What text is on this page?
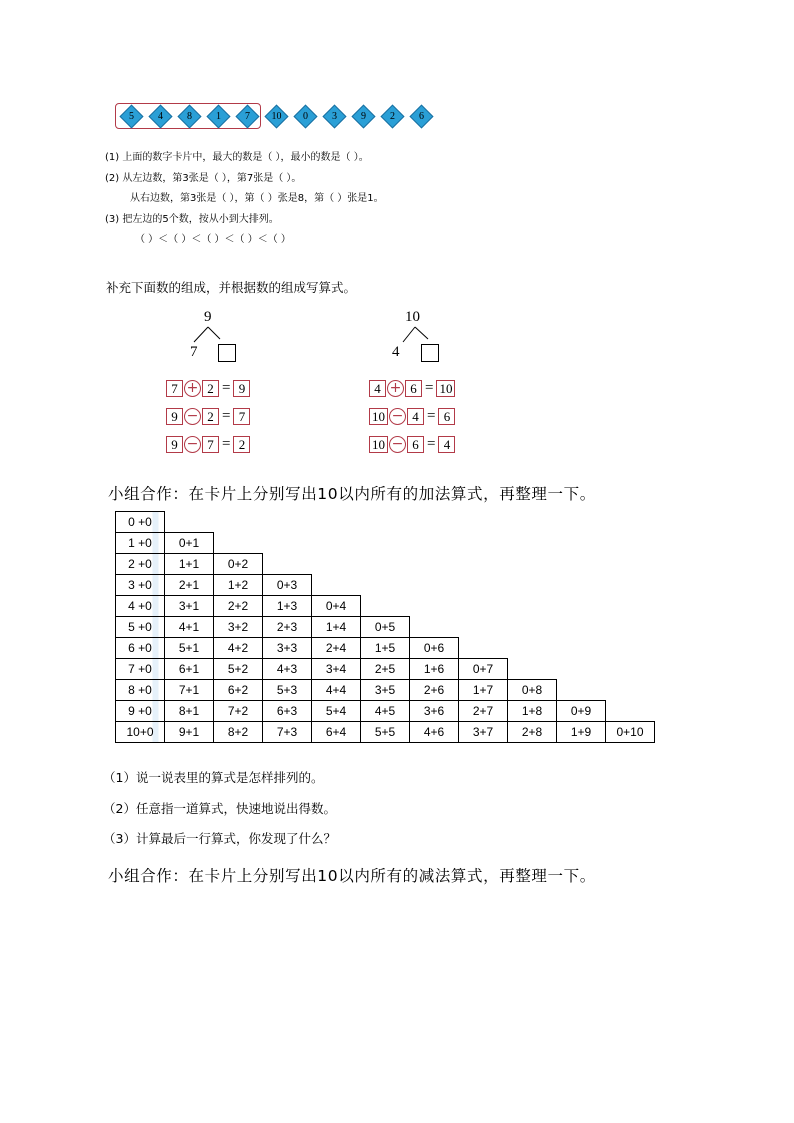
5	4	8	1	7	10	0	3	9	2	6
(1) 上面的数字卡片中，最大的数是（ ），最小的数是（ ）。
(2) 从左边数，第3张是（ ），第7张是（ ）。
从右边数，第3张是（ ），第（ ）张是8，第（ ）张是1。
(3) 把左边的5个数，按从小到大排列。
（ ）＜（ ）＜（ ）＜（ ）＜（ ）
补充下面数的组成，并根据数的组成写算式。
9
7
10
4
7 + 2 = 9
9 − 2 = 7
9 − 7 = 2
4 + 6 = 10
10 − 4 = 6
10 − 6 = 4
小组合作：在卡片上分别写出10以内所有的加法算式，再整理一下。
0 +0										
1 +0	0+1									
2 +0	1+1	0+2								
3 +0	2+1	1+2	0+3							
4 +0	3+1	2+2	1+3	0+4						
5 +0	4+1	3+2	2+3	1+4	0+5					
6 +0	5+1	4+2	3+3	2+4	1+5	0+6				
7 +0	6+1	5+2	4+3	3+4	2+5	1+6	0+7			
8 +0	7+1	6+2	5+3	4+4	3+5	2+6	1+7	0+8		
9 +0	8+1	7+2	6+3	5+4	4+5	3+6	2+7	1+8	0+9	
10+0	9+1	8+2	7+3	6+4	5+5	4+6	3+7	2+8	1+9	0+10
（1）说一说表里的算式是怎样排列的。
（2）任意指一道算式，快速地说出得数。
（3）计算最后一行算式，你发现了什么？
小组合作：在卡片上分别写出10以内所有的减法算式，再整理一下。
